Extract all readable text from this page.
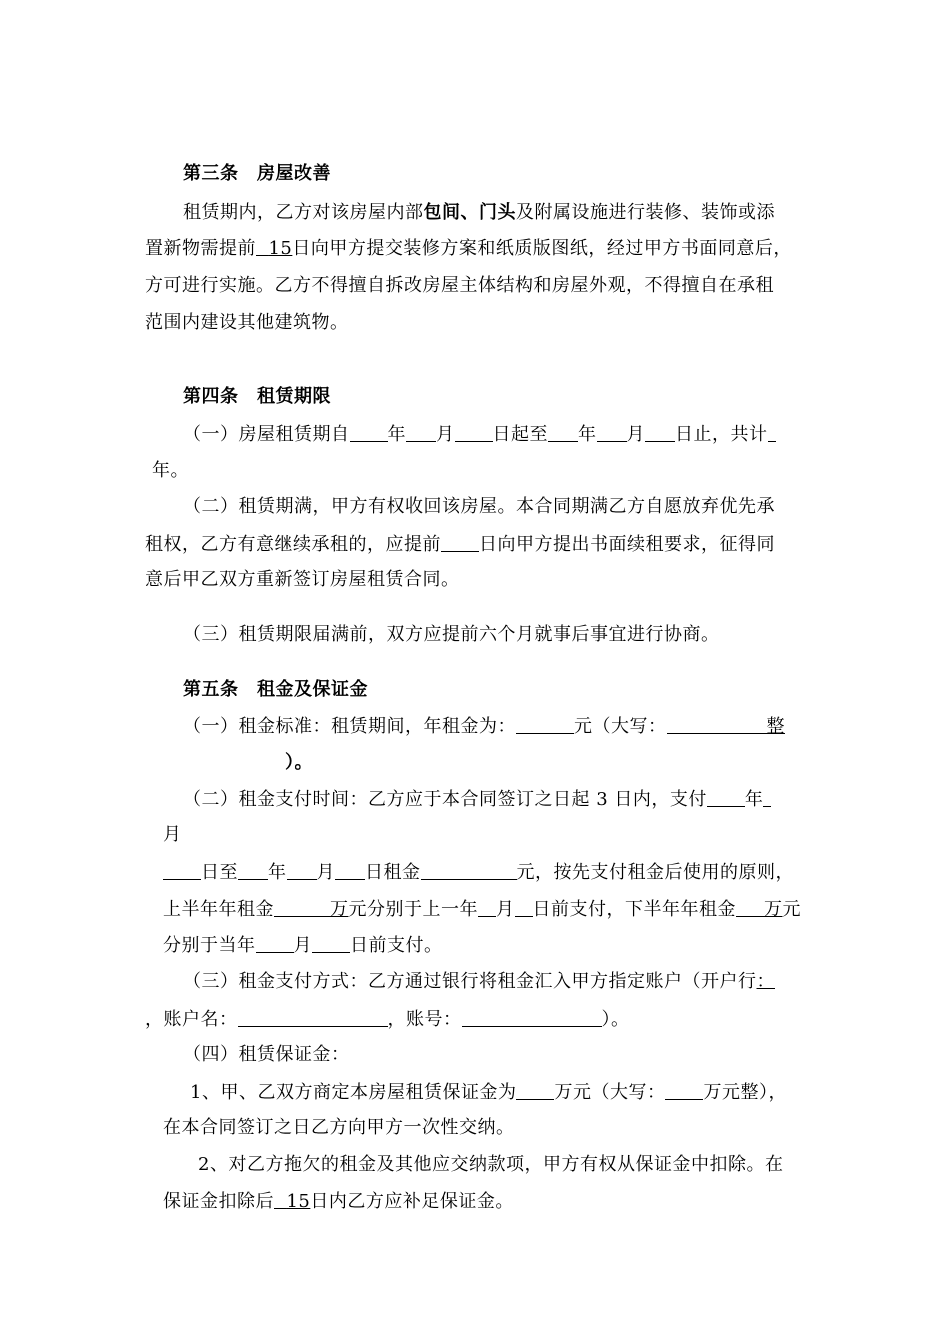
第三条　房屋改善
租赁期内，乙方对该房屋内部包间、门头及附属设施进行装修、装饰或添
置新物需提前 15日向甲方提交装修方案和纸质版图纸，经过甲方书面同意后，
方可进行实施。乙方不得擅自拆改房屋主体结构和房屋外观，不得擅自在承租
范围内建设其他建筑物。
第四条　租赁期限
（一）房屋租赁期自 年 月 日起至 年 月 日止，共计
年。
（二）租赁期满，甲方有权收回该房屋。本合同期满乙方自愿放弃优先承
租权，乙方有意继续承租的，应提前 日向甲方提出书面续租要求，征得同
意后甲乙双方重新签订房屋租赁合同。
（三）租赁期限届满前，双方应提前六个月就事后事宜进行协商。
第五条　租金及保证金
（一）租金标准：租赁期间，年租金为：	元（大写：	整
）。
（二）租金支付时间：乙方应于本合同签订之日起 3 日内，支付 年
月
日至 年 月 日租金	元，按先支付租金后使用的原则，
上半年年租金	万元分别于上一年 月 日前支付，下半年年租金 万元
分别于当年 月 日前支付。
（三）租金支付方式：乙方通过银行将租金汇入甲方指定账户（开户行：
，账户名：	，账号：	）。
（四）租赁保证金：
1、甲、乙双方商定本房屋租赁保证金为 万元（大写： 万元整），
在本合同签订之日乙方向甲方一次性交纳。
2、对乙方拖欠的租金及其他应交纳款项，甲方有权从保证金中扣除。在
保证金扣除后 15日内乙方应补足保证金。
